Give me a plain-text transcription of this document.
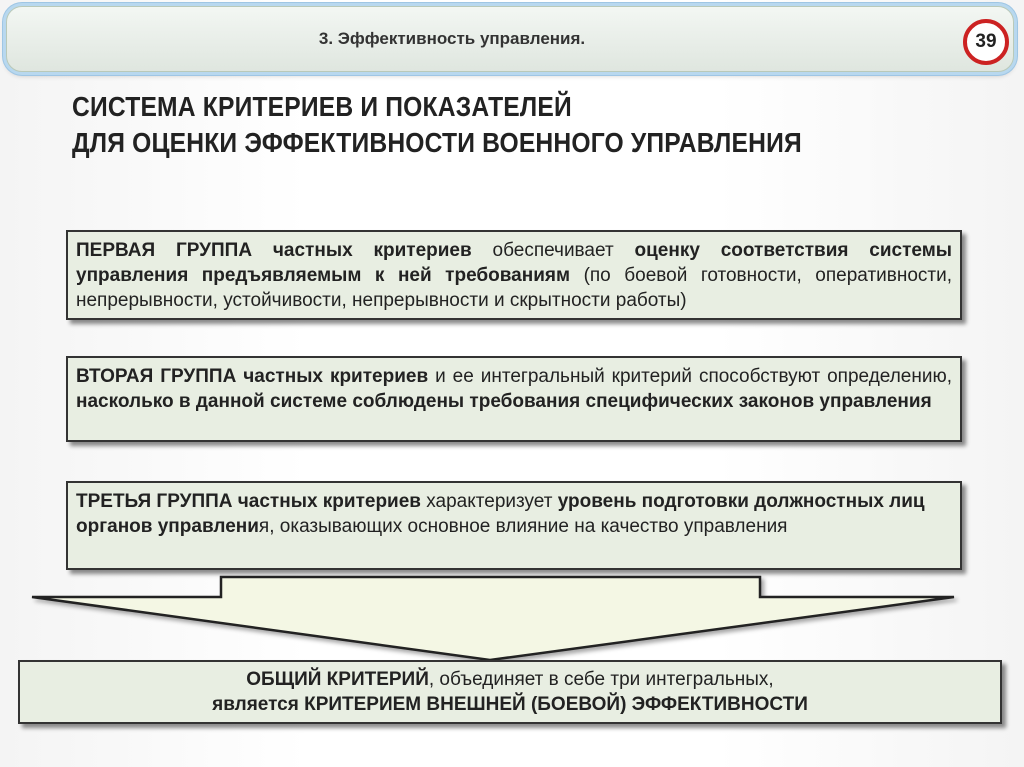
3. Эффективность управления.	39
СИСТЕМА КРИТЕРИЕВ И ПОКАЗАТЕЛЕЙ
ДЛЯ ОЦЕНКИ ЭФФЕКТИВНОСТИ ВОЕННОГО УПРАВЛЕНИЯ
ПЕРВАЯ ГРУППА частных критериев обеспечивает оценку соответствия системы управления предъявляемым к ней требованиям (по боевой готовности, оперативности, непрерывности, устойчивости, непрерывности и скрытности работы)
ВТОРАЯ ГРУППА частных критериев и ее интегральный критерий способствуют определению, насколько в данной системе соблюдены требования специфических законов управления
ТРЕТЬЯ ГРУППА частных критериев характеризует уровень подготовки должностных лиц органов управления, оказывающих основное влияние на качество управления
ОБЩИЙ КРИТЕРИЙ, объединяет в себе три интегральных,
является КРИТЕРИЕМ ВНЕШНЕЙ (БОЕВОЙ) ЭФФЕКТИВНОСТИ
